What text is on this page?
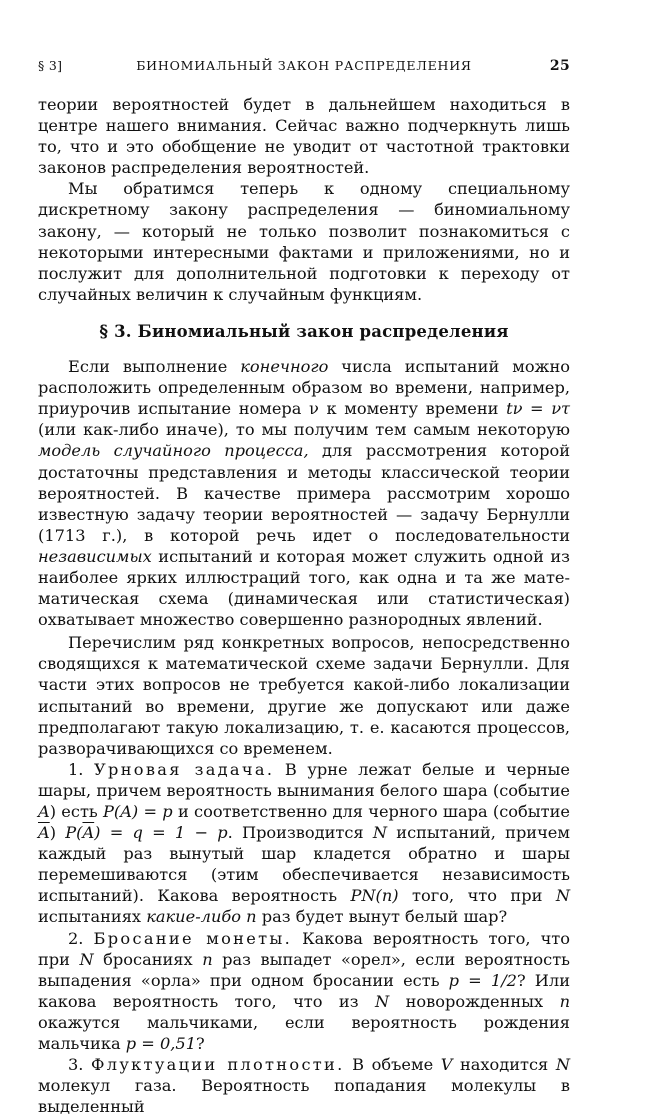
§ 3]	БИНОМИАЛЬНЫЙ ЗАКОН РАСПРЕДЕЛЕНИЯ	25

теории вероятностей будет в дальнейшем находиться в центре нашего внимания. Сейчас важно подчеркнуть лишь то, что и это обобщение не уводит от частотной трактовки законов распределения вероятностей.

Мы обратимся теперь к одному специальному дискретному закону распределения — биномиальному закону, — который не только позволит познакомиться с некоторыми интересными фактами и приложениями, но и послужит для дополнительной подготовки к переходу от случайных величин к случайным функциям.

§ 3. Биномиальный закон распределения

Если выполнение конечного числа испытаний можно расположить определенным образом во времени, например, приурочив испытание номера ν к моменту времени tν = ντ (или как-либо иначе), то мы получим тем самым некоторую модель случайного процесса, для рассмотрения которой достаточны представления и методы классической теории вероятностей. В качестве примера рассмотрим хорошо известную задачу теории вероятностей — задачу Бернулли (1713 г.), в которой речь идет о последовательности независимых испытаний и которая может служить одной из наиболее ярких иллюстраций того, как одна и та же математическая схема (динамическая или статистическая) охватывает множество совершенно разнородных явлений.

Перечислим ряд конкретных вопросов, непосредственно сводящихся к математической схеме задачи Бернулли. Для части этих вопросов не требуется какой-либо локализации испытаний во времени, другие же допускают или даже предполагают такую локализацию, т. е. касаются процессов, разворачивающихся со временем.

1. Урновая задача. В урне лежат белые и черные шары, причем вероятность вынимания белого шара (событие A) есть P(A) = p и соответственно для черного шара (событие $\overline{A}$) $P(\overline{A}) = q = 1 - p$. Производится N испытаний, причем каждый раз вынутый шар кладется обратно и шары перемешиваются (этим обеспечивается независимость испытаний). Какова вероятность PN(n) того, что при N испытаниях какие-либо n раз будет вынут белый шар?

2. Бросание монеты. Какова вероятность того, что при N бросаниях n раз выпадет «орел», если вероятность выпадения «орла» при одном бросании есть p = 1/2? Или какова вероятность того, что из N новорожденных n окажутся мальчиками, если вероятность рождения мальчика p = 0,51?

3. Флуктуации плотности. В объеме V находится N молекул газа. Вероятность попадания молекулы в выделенный
